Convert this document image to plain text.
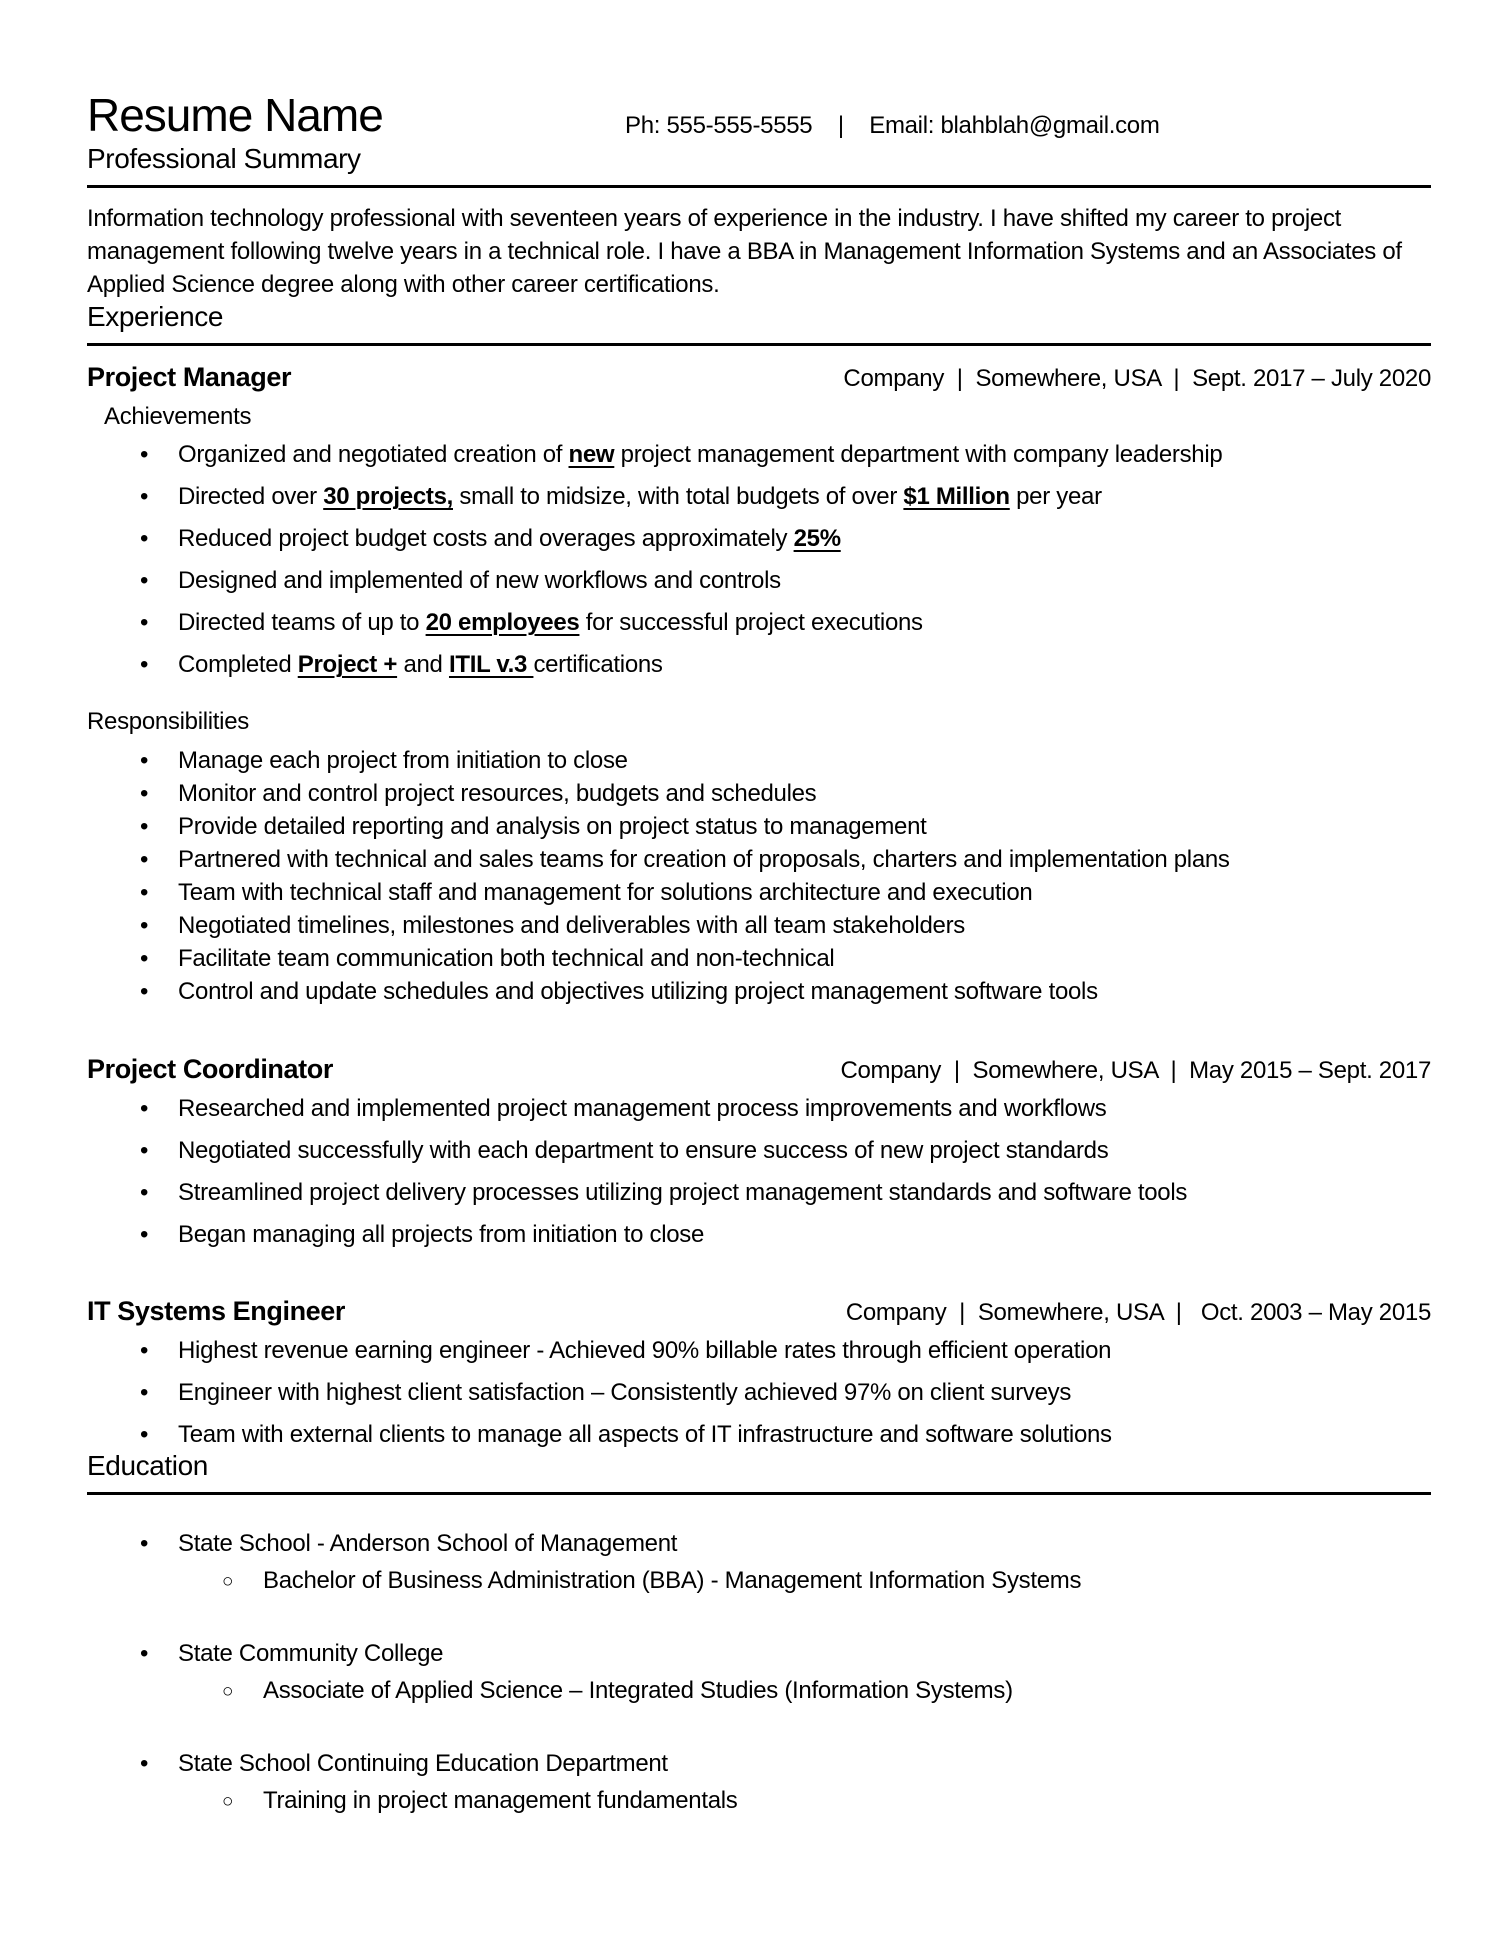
Resume Name	Ph: 555-555-5555    |    Email: blahblah@gmail.com
Professional Summary

Information technology professional with seventeen years of experience in the industry. I have shifted my career to project management following twelve years in a technical role. I have a BBA in Management Information Systems and an Associates of Applied Science degree along with other career certifications.

Experience
Project Manager	Company  |  Somewhere, USA  |  Sept. 2017 – July 2020
Achievements
• Organized and negotiated creation of new project management department with company leadership
• Directed over 30 projects, small to midsize, with total budgets of over $1 Million per year
• Reduced project budget costs and overages approximately 25%
• Designed and implemented of new workflows and controls
• Directed teams of up to 20 employees for successful project executions
• Completed Project + and ITIL v.3 certifications
Responsibilities
• Manage each project from initiation to close
• Monitor and control project resources, budgets and schedules
• Provide detailed reporting and analysis on project status to management
• Partnered with technical and sales teams for creation of proposals, charters and implementation plans
• Team with technical staff and management for solutions architecture and execution
• Negotiated timelines, milestones and deliverables with all team stakeholders
• Facilitate team communication both technical and non-technical
• Control and update schedules and objectives utilizing project management software tools
Project Coordinator	Company  |  Somewhere, USA  |  May 2015 – Sept. 2017
• Researched and implemented project management process improvements and workflows
• Negotiated successfully with each department to ensure success of new project standards
• Streamlined project delivery processes utilizing project management standards and software tools
• Began managing all projects from initiation to close
IT Systems Engineer	Company  |  Somewhere, USA  |   Oct. 2003 – May 2015
• Highest revenue earning engineer - Achieved 90% billable rates through efficient operation
• Engineer with highest client satisfaction – Consistently achieved 97% on client surveys
• Team with external clients to manage all aspects of IT infrastructure and software solutions
Education
• State School - Anderson School of Management
○ Bachelor of Business Administration (BBA) - Management Information Systems
• State Community College
○ Associate of Applied Science – Integrated Studies (Information Systems)
• State School Continuing Education Department
○ Training in project management fundamentals
